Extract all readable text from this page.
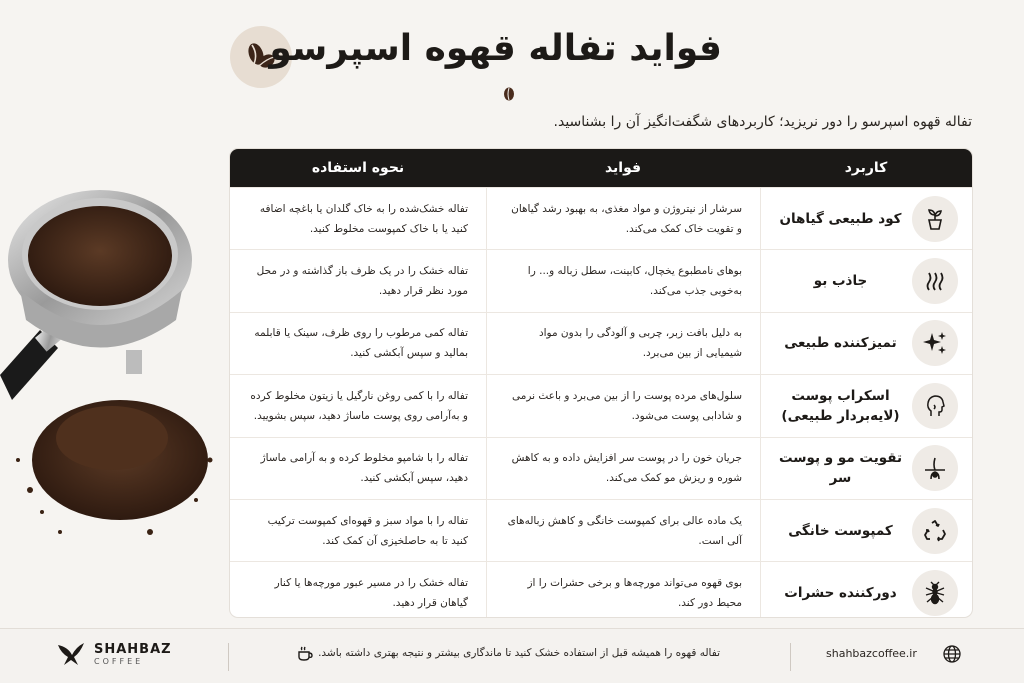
فواید تفاله قهوه اسپرسو
تفاله قهوه اسپرسو را دور نریزید؛ کاربردهای شگفت‌انگیز آن را بشناسید.
کاربرد
فواید
نحوه استفاده
کود طبیعی گیاهان
سرشار از نیتروژن و مواد مغذی، به بهبود رشد گیاهان و تقویت خاک کمک می‌کند.
تفاله خشک‌شده را به خاک گلدان یا باغچه اضافه کنید یا با خاک کمپوست مخلوط کنید.
جاذب بو
بوهای نامطبوع یخچال، کابینت، سطل زباله و... را به‌خوبی جذب می‌کند.
تفاله خشک را در یک ظرف باز گذاشته و در محل مورد نظر قرار دهید.
تمیزکننده طبیعی
به دلیل بافت زبر، چربی و آلودگی را بدون مواد شیمیایی از بین می‌برد.
تفاله کمی مرطوب را روی ظرف، سینک یا قابلمه بمالید و سپس آبکشی کنید.
اسکراب پوست (لایه‌بردار طبیعی)
سلول‌های مرده پوست را از بین می‌برد و باعث نرمی و شادابی پوست می‌شود.
تفاله را با کمی روغن نارگیل یا زیتون مخلوط کرده و به‌آرامی روی پوست ماساژ دهید، سپس بشویید.
تقویت مو و پوست سر
جریان خون را در پوست سر افزایش داده و به کاهش شوره و ریزش مو کمک می‌کند.
تفاله را با شامپو مخلوط کرده و به آرامی ماساژ دهید، سپس آبکشی کنید.
کمپوست خانگی
یک ماده عالی برای کمپوست خانگی و کاهش زباله‌های آلی است.
تفاله را با مواد سبز و قهوه‌ای کمپوست ترکیب کنید تا به حاصلخیزی آن کمک کند.
دورکننده حشرات
بوی قهوه می‌تواند مورچه‌ها و برخی حشرات را از محیط دور کند.
تفاله خشک را در مسیر عبور مورچه‌ها یا کنار گیاهان قرار دهید.
SHAHBAZ
COFFEE
تفاله قهوه را همیشه قبل از استفاده خشک کنید تا ماندگاری بیشتر و نتیجه بهتری داشته باشد.	shahbazcoffee.ir
